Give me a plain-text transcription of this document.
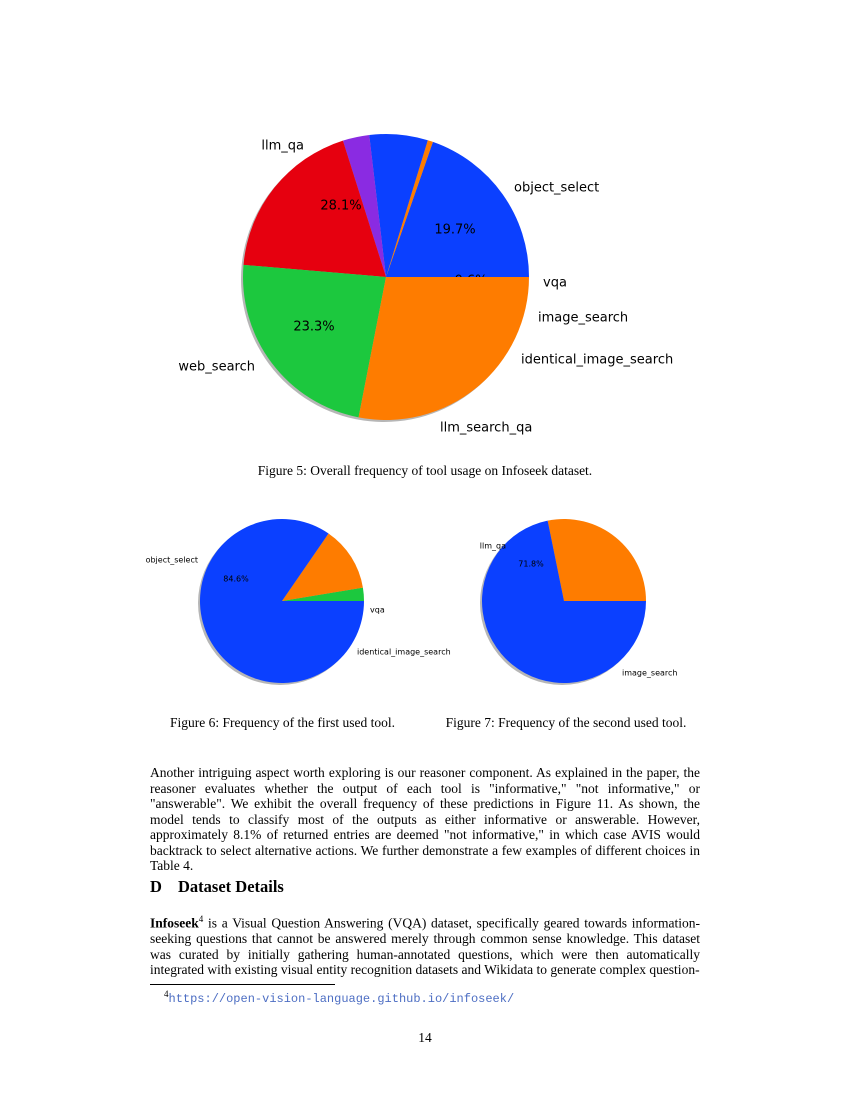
19.7%
object_select
vqa
image_search
identical_image_search
llm_search_qa
23.3%
web_search
28.1%
llm_qa
vqa
identical_image_search
84.6%
object_select
image_search
71.8%
llm_qa
Figure 5: Overall frequency of tool usage on Infoseek dataset.
Figure 6: Frequency of the first used tool.	Figure 7: Frequency of the second used tool.
Another intriguing aspect worth exploring is our reasoner component. As explained in the paper, the reasoner evaluates whether the output of each tool is "informative," "not informative," or "answerable". We exhibit the overall frequency of these predictions in Figure 11. As shown, the model tends to classify most of the outputs as either informative or answerable. However, approximately 8.1% of returned entries are deemed "not informative," in which case AVIS would backtrack to select alternative actions. We further demonstrate a few examples of different choices in Table 4.
D Dataset Details
Infoseek$^4$ is a Visual Question Answering (VQA) dataset, specifically geared towards information-seeking questions that cannot be answered merely through common sense knowledge. This dataset was curated by initially gathering human-annotated questions, which were then automatically integrated with existing visual entity recognition datasets and Wikidata to generate complex question-
$^4$https://open-vision-language.github.io/infoseek/
14
